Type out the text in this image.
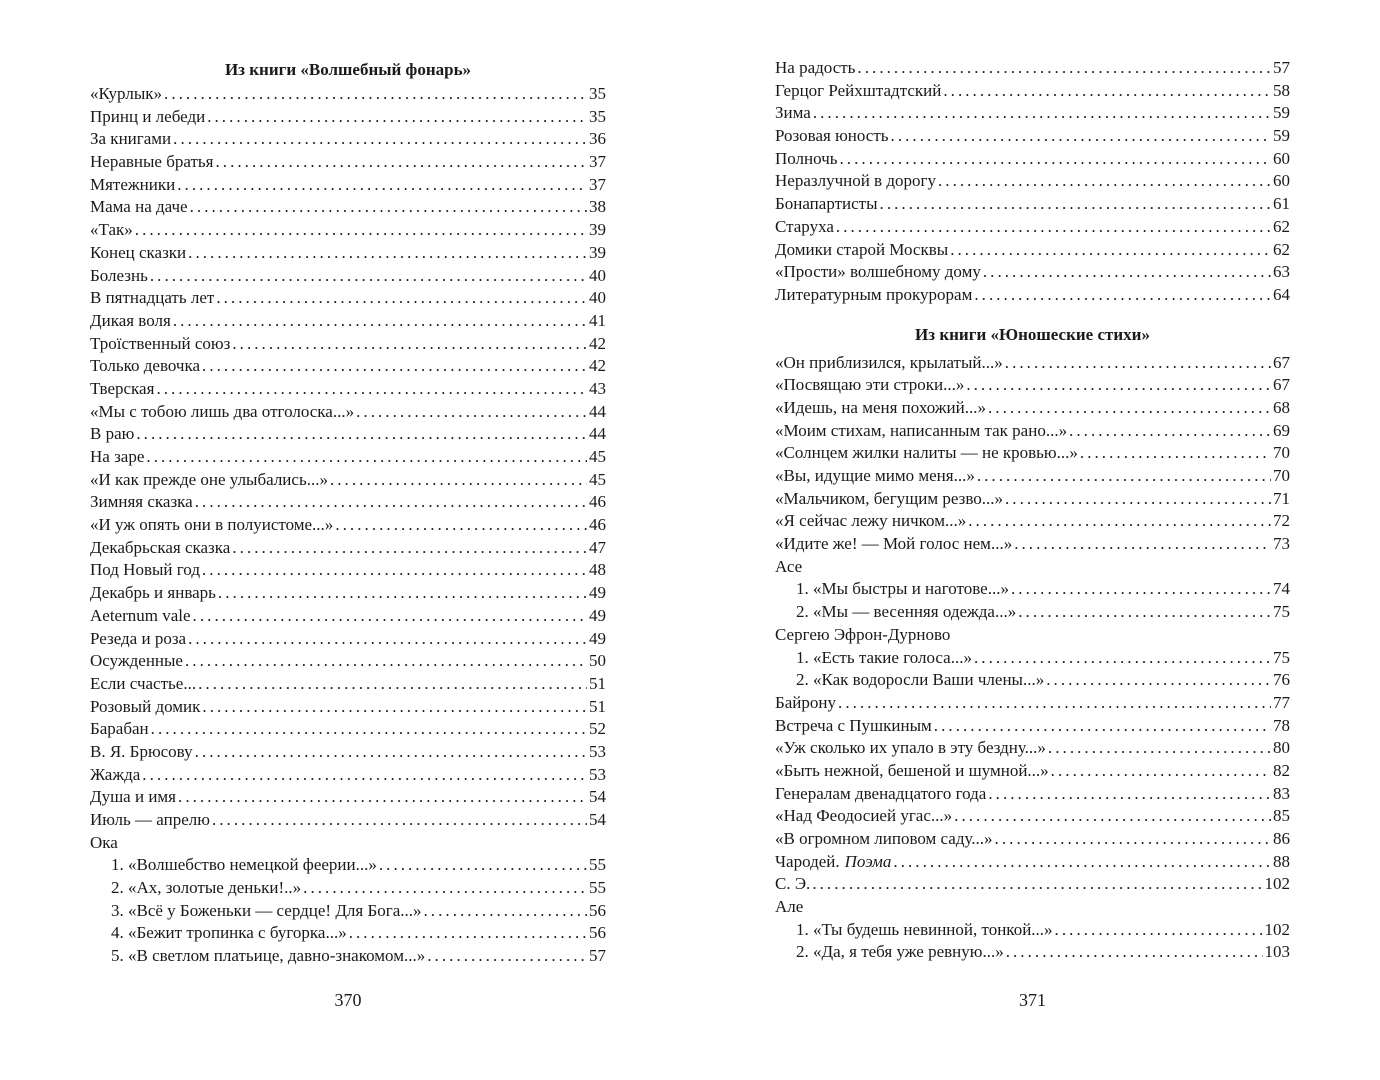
Из книги «Волшебный фонарь»
«Курлык» . . .	35
Принц и лебеди . . .	35
За книгами . . .	36
Неравные братья . . .	37
Мятежники . . .	37
Мама на даче . . .	38
«Так» . . .	39
Конец сказки . . .	39
Болезнь . . .	40
В пятнадцать лет . . .	40
Дикая воля . . .	41
Троїственный союз . . .	42
Только девочка . . .	42
Тверская . . .	43
«Мы с тобою лишь два отголоска...» . . .	44
В раю . . .	44
На заре . . .	45
«И как прежде оне улыбались...» . . .	45
Зимняя сказка . . .	46
«И уж опять они в полуистоме...» . . .	46
Декабрьская сказка . . .	47
Под Новый год . . .	48
Декабрь и январь . . .	49
Aeternum vale . . .	49
Резеда и роза . . .	49
Осужденные . . .	50
Если счастье... . . .	51
Розовый домик . . .	51
Барабан . . .	52
В. Я. Брюсову . . .	53
Жажда . . .	53
Душа и имя . . .	54
Июль — апрелю . . .	54
Ока
1. «Волшебство немецкой феерии...» . . .	55
2. «Ах, золотые деньки!..» . . .	55
3. «Всё у Боженьки — сердце! Для Бога...» . . .	56
4. «Бежит тропинка с бугорка...» . . .	56
5. «В светлом платьице, давно-знакомом...» . . .	57
370
На радость . . .	57
Герцог Рейхштадтский . . .	58
Зима . . .	59
Розовая юность . . .	59
Полночь . . .	60
Неразлучной в дорогу . . .	60
Бонапартисты . . .	61
Старуха . . .	62
Домики старой Москвы . . .	62
«Прости» волшебному дому . . .	63
Литературным прокурорам . . .	64
Из книги «Юношеские стихи»
«Он приблизился, крылатый...» . . .	67
«Посвящаю эти строки...» . . .	67
«Идешь, на меня похожий...» . . .	68
«Моим стихам, написанным так рано...» . . .	69
«Солнцем жилки налиты — не кровью...» . . .	70
«Вы, идущие мимо меня...» . . .	70
«Мальчиком, бегущим резво...» . . .	71
«Я сейчас лежу ничком...» . . .	72
«Идите же! — Мой голос нем...» . . .	73
Асе
1. «Мы быстры и наготове...» . . .	74
2. «Мы — весенняя одежда...» . . .	75
Сергею Эфрон-Дурново
1. «Есть такие голоса...» . . .	75
2. «Как водоросли Ваши члены...» . . .	76
Байрону . . .	77
Встреча с Пушкиным . . .	78
«Уж сколько их упало в эту бездну...» . . .	80
«Быть нежной, бешеной и шумной...» . . .	82
Генералам двенадцатого года . . .	83
«Над Феодосией угас...» . . .	85
«В огромном липовом саду...» . . .	86
Чародей. Поэма . . .	88
С. Э. . . .	102
Але
1. «Ты будешь невинной, тонкой...» . . .	102
2. «Да, я тебя уже ревную...» . . .	103
371
